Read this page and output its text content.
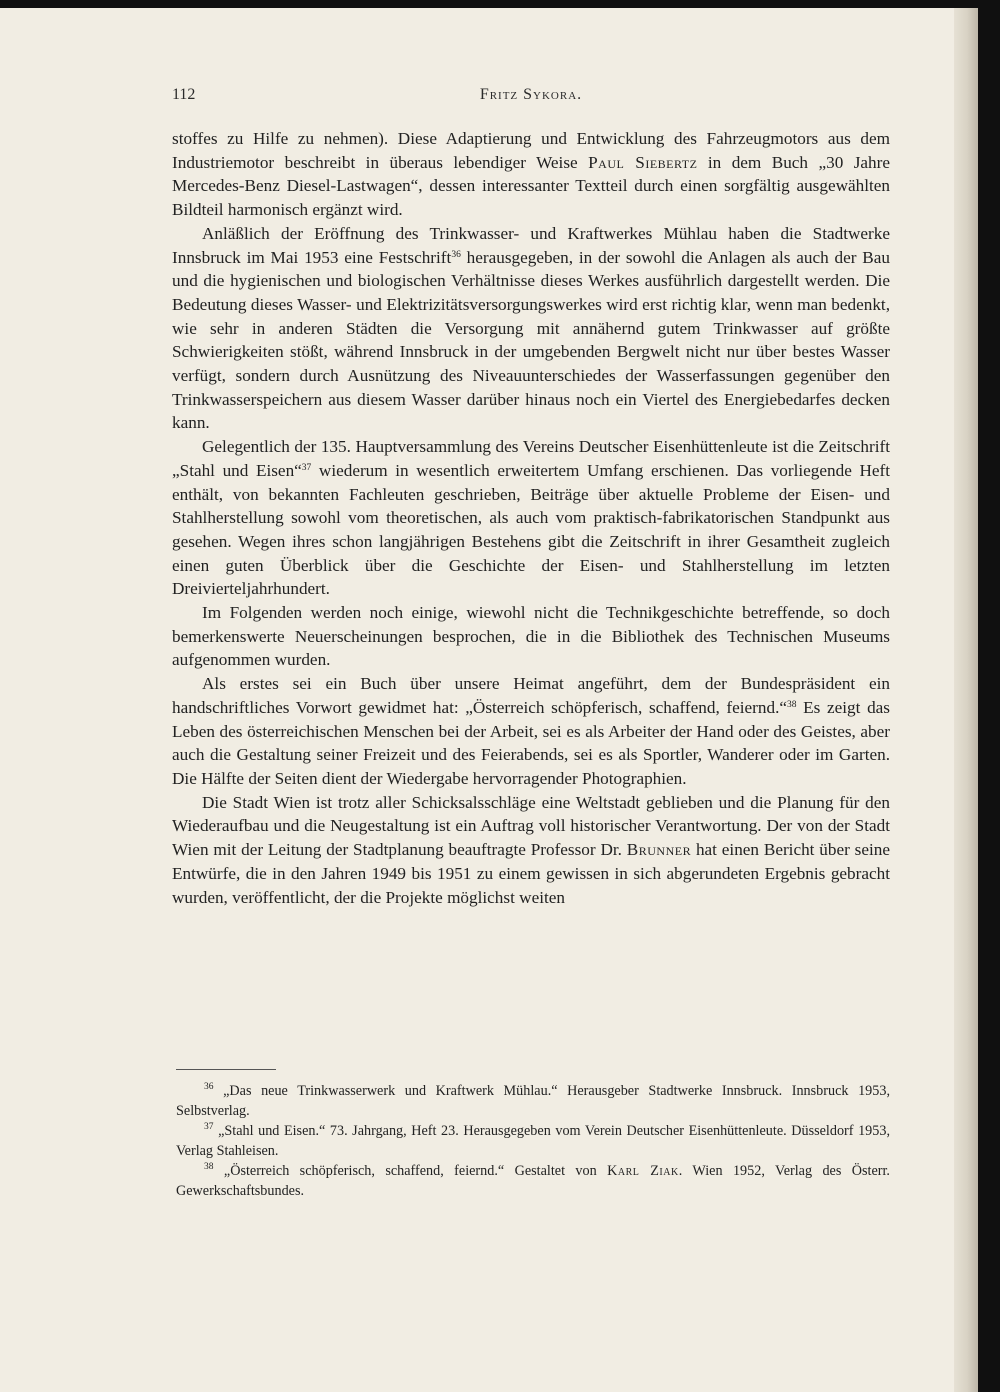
112	Fritz Sykora.

stoffes zu Hilfe zu nehmen). Diese Adaptierung und Entwicklung des Fahrzeugmotors aus dem Industriemotor beschreibt in überaus lebendiger Weise Paul Siebertz in dem Buch „30 Jahre Mercedes-Benz Diesel-Lastwagen“, dessen interessanter Textteil durch einen sorgfältig ausgewählten Bildteil harmonisch ergänzt wird.

Anläßlich der Eröffnung des Trinkwasser- und Kraftwerkes Mühlau haben die Stadtwerke Innsbruck im Mai 1953 eine Festschrift$^{36}$ herausgegeben, in der sowohl die Anlagen als auch der Bau und die hygienischen und biologischen Verhältnisse dieses Werkes ausführlich dargestellt werden. Die Bedeutung dieses Wasser- und Elektrizitätsversorgungswerkes wird erst richtig klar, wenn man bedenkt, wie sehr in anderen Städten die Versorgung mit annähernd gutem Trinkwasser auf größte Schwierigkeiten stößt, während Innsbruck in der umgebenden Bergwelt nicht nur über bestes Wasser verfügt, sondern durch Ausnützung des Niveauunterschiedes der Wasserfassungen gegenüber den Trinkwasserspeichern aus diesem Wasser darüber hinaus noch ein Viertel des Energiebedarfes decken kann.

Gelegentlich der 135. Hauptversammlung des Vereins Deutscher Eisenhüttenleute ist die Zeitschrift „Stahl und Eisen“$^{37}$ wiederum in wesentlich erweitertem Umfang erschienen. Das vorliegende Heft enthält, von bekannten Fachleuten geschrieben, Beiträge über aktuelle Probleme der Eisen- und Stahlherstellung sowohl vom theoretischen, als auch vom praktisch-fabrikatorischen Standpunkt aus gesehen. Wegen ihres schon langjährigen Bestehens gibt die Zeitschrift in ihrer Gesamtheit zugleich einen guten Überblick über die Geschichte der Eisen- und Stahlherstellung im letzten Dreivierteljahrhundert.

Im Folgenden werden noch einige, wiewohl nicht die Technikgeschichte betreffende, so doch bemerkenswerte Neuerscheinungen besprochen, die in die Bibliothek des Technischen Museums aufgenommen wurden.

Als erstes sei ein Buch über unsere Heimat angeführt, dem der Bundespräsident ein handschriftliches Vorwort gewidmet hat: „Österreich schöpferisch, schaffend, feiernd.“$^{38}$ Es zeigt das Leben des österreichischen Menschen bei der Arbeit, sei es als Arbeiter der Hand oder des Geistes, aber auch die Gestaltung seiner Freizeit und des Feierabends, sei es als Sportler, Wanderer oder im Garten. Die Hälfte der Seiten dient der Wiedergabe hervorragender Photographien.

Die Stadt Wien ist trotz aller Schicksalsschläge eine Weltstadt geblieben und die Planung für den Wiederaufbau und die Neugestaltung ist ein Auftrag voll historischer Verantwortung. Der von der Stadt Wien mit der Leitung der Stadtplanung beauftragte Professor Dr. Brunner hat einen Bericht über seine Entwürfe, die in den Jahren 1949 bis 1951 zu einem gewissen in sich abgerundeten Ergebnis gebracht wurden, veröffentlicht, der die Projekte möglichst weiten

$^{36}$ „Das neue Trinkwasserwerk und Kraftwerk Mühlau.“ Herausgeber Stadtwerke Innsbruck. Innsbruck 1953, Selbstverlag.

$^{37}$ „Stahl und Eisen.“ 73. Jahrgang, Heft 23. Herausgegeben vom Verein Deutscher Eisenhüttenleute. Düsseldorf 1953, Verlag Stahleisen.

$^{38}$ „Österreich schöpferisch, schaffend, feiernd.“ Gestaltet von Karl Ziak. Wien 1952, Verlag des Österr. Gewerkschaftsbundes.
